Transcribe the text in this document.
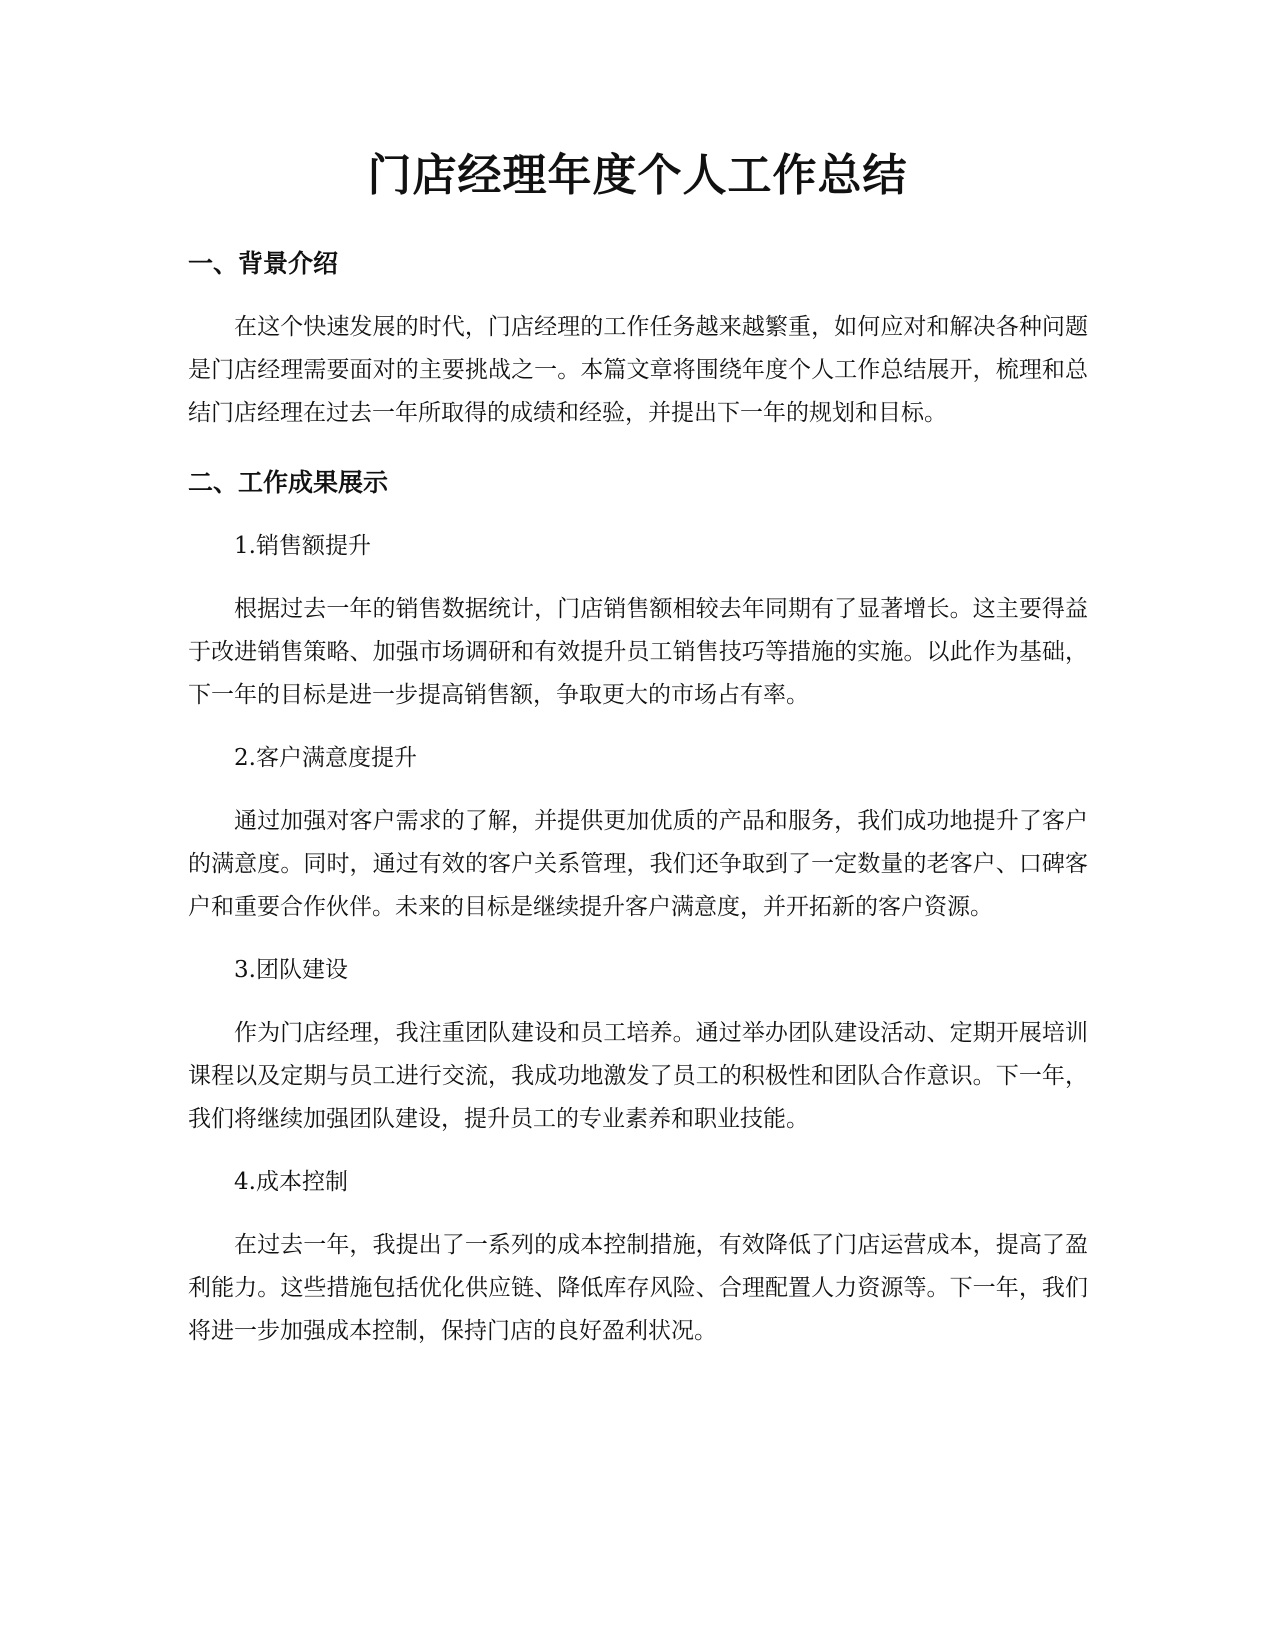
门店经理年度个人工作总结
一、背景介绍

在这个快速发展的时代，门店经理的工作任务越来越繁重，如何应对和解决各种问题是门店经理需要面对的主要挑战之一。本篇文章将围绕年度个人工作总结展开，梳理和总结门店经理在过去一年所取得的成绩和经验，并提出下一年的规划和目标。

二、工作成果展示

1.销售额提升

根据过去一年的销售数据统计，门店销售额相较去年同期有了显著增长。这主要得益于改进销售策略、加强市场调研和有效提升员工销售技巧等措施的实施。以此作为基础，下一年的目标是进一步提高销售额，争取更大的市场占有率。

2.客户满意度提升

通过加强对客户需求的了解，并提供更加优质的产品和服务，我们成功地提升了客户的满意度。同时，通过有效的客户关系管理，我们还争取到了一定数量的老客户、口碑客户和重要合作伙伴。未来的目标是继续提升客户满意度，并开拓新的客户资源。

3.团队建设

作为门店经理，我注重团队建设和员工培养。通过举办团队建设活动、定期开展培训课程以及定期与员工进行交流，我成功地激发了员工的积极性和团队合作意识。下一年，我们将继续加强团队建设，提升员工的专业素养和职业技能。

4.成本控制

在过去一年，我提出了一系列的成本控制措施，有效降低了门店运营成本，提高了盈利能力。这些措施包括优化供应链、降低库存风险、合理配置人力资源等。下一年，我们将进一步加强成本控制，保持门店的良好盈利状况。
